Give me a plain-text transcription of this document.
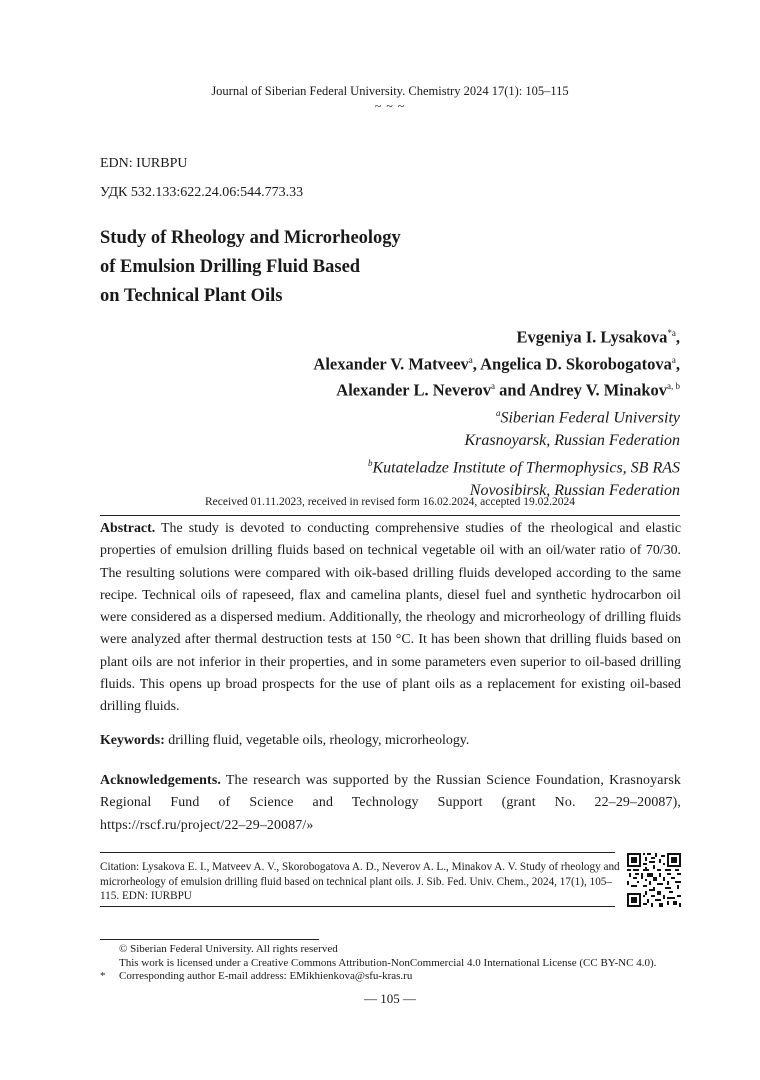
Journal of Siberian Federal University. Chemistry 2024 17(1): 105–115
~ ~ ~
EDN: IURBPU
УДК 532.133:622.24.06:544.773.33
Study of Rheology and Microrheology
of Emulsion Drilling Fluid Based
on Technical Plant Oils
Evgeniya I. Lysakova$^{*a}$,
Alexander V. Matveev$^a$, Angelica D. Skorobogatova$^a$,
Alexander L. Neverov$^a$ and Andrey V. Minakov$^{a, b}$
$^a$Siberian Federal University
Krasnoyarsk, Russian Federation
$^b$Kutateladze Institute of Thermophysics, SB RAS
Novosibirsk, Russian Federation
Received 01.11.2023, received in revised form 16.02.2024, accepted 19.02.2024
Abstract. The study is devoted to conducting comprehensive studies of the rheological and elastic properties of emulsion drilling fluids based on technical vegetable oil with an oil/water ratio of 70/30. The resulting solutions were compared with oik-based drilling fluids developed according to the same recipe. Technical oils of rapeseed, flax and camelina plants, diesel fuel and synthetic hydrocarbon oil were considered as a dispersed medium. Additionally, the rheology and microrheology of drilling fluids were analyzed after thermal destruction tests at 150 °C. It has been shown that drilling fluids based on plant oils are not inferior in their properties, and in some parameters even superior to oil-based drilling fluids. This opens up broad prospects for the use of plant oils as a replacement for existing oil-based drilling fluids.
Keywords: drilling fluid, vegetable oils, rheology, microrheology.
Acknowledgements. The research was supported by the Russian Science Foundation, Krasnoyarsk Regional Fund of Science and Technology Support (grant No. 22–29–20087), https://rscf.ru/project/22–29–20087/»
Citation: Lysakova E. I., Matveev A. V., Skorobogatova A. D., Neverov A. L., Minakov A. V. Study of rheology and microrheology of emulsion drilling fluid based on technical plant oils. J. Sib. Fed. Univ. Chem., 2024, 17(1), 105–115. EDN: IURBPU
© Siberian Federal University. All rights reserved
This work is licensed under a Creative Commons Attribution-NonCommercial 4.0 International License (CC BY-NC 4.0).
* Corresponding author E-mail address: EMikhienkova@sfu-kras.ru
— 105 —
